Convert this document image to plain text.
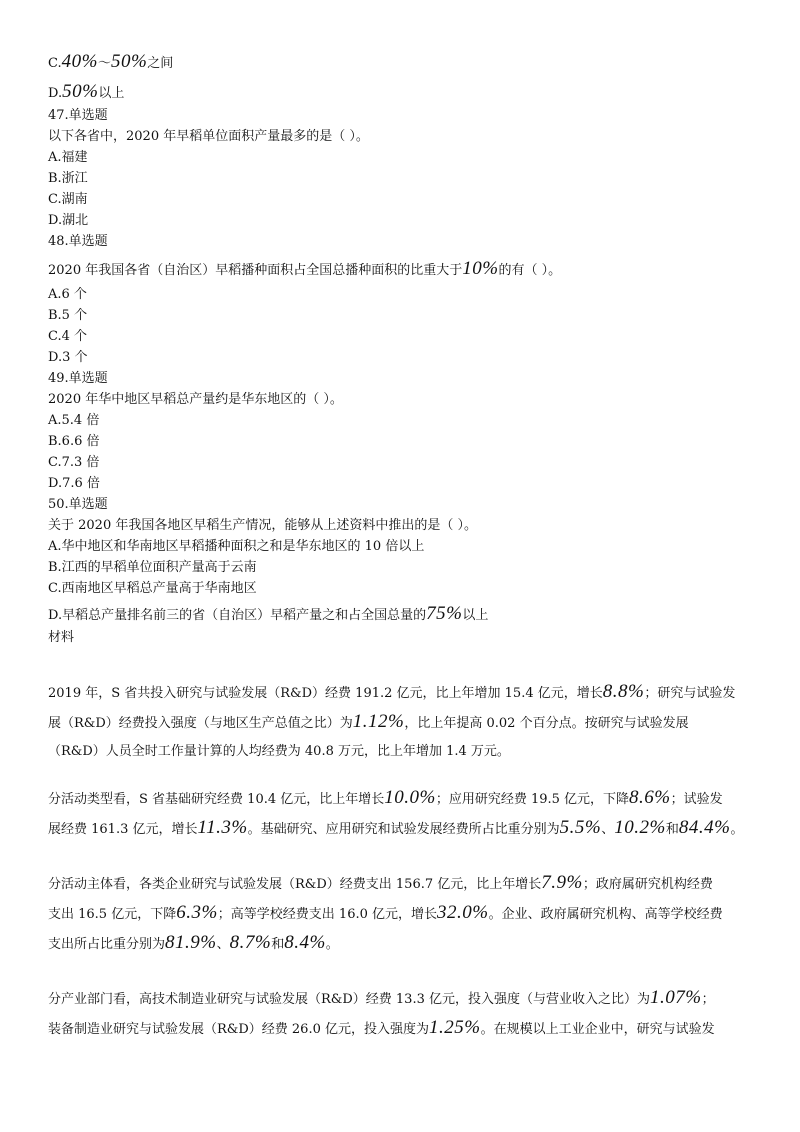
C.40%～50%之间
D.50%以上
47.单选题
以下各省中，2020 年早稻单位面积产量最多的是（ ）。
A.福建
B.浙江
C.湖南
D.湖北
48.单选题
2020 年我国各省（自治区）早稻播种面积占全国总播种面积的比重大于10%的有（ ）。
A.6 个
B.5 个
C.4 个
D.3 个
49.单选题
2020 年华中地区早稻总产量约是华东地区的（ ）。
A.5.4 倍
B.6.6 倍
C.7.3 倍
D.7.6 倍
50.单选题
关于 2020 年我国各地区早稻生产情况，能够从上述资料中推出的是（ ）。
A.华中地区和华南地区早稻播种面积之和是华东地区的 10 倍以上
B.江西的早稻单位面积产量高于云南
C.西南地区早稻总产量高于华南地区
D.早稻总产量排名前三的省（自治区）早稻产量之和占全国总量的75%以上
材料
2019 年，S 省共投入研究与试验发展（R&D）经费 191.2 亿元，比上年增加 15.4 亿元，增长8.8%；研究与试验发
展（R&D）经费投入强度（与地区生产总值之比）为1.12%，比上年提高 0.02 个百分点。按研究与试验发展
（R&D）人员全时工作量计算的人均经费为 40.8 万元，比上年增加 1.4 万元。
分活动类型看，S 省基础研究经费 10.4 亿元，比上年增长10.0%；应用研究经费 19.5 亿元，下降8.6%；试验发
展经费 161.3 亿元，增长11.3%。基础研究、应用研究和试验发展经费所占比重分别为5.5%、10.2%和84.4%。
分活动主体看，各类企业研究与试验发展（R&D）经费支出 156.7 亿元，比上年增长7.9%；政府属研究机构经费
支出 16.5 亿元，下降6.3%；高等学校经费支出 16.0 亿元，增长32.0%。企业、政府属研究机构、高等学校经费
支出所占比重分别为81.9%、8.7%和8.4%。
分产业部门看，高技术制造业研究与试验发展（R&D）经费 13.3 亿元，投入强度（与营业收入之比）为1.07%；
装备制造业研究与试验发展（R&D）经费 26.0 亿元，投入强度为1.25%。在规模以上工业企业中，研究与试验发
